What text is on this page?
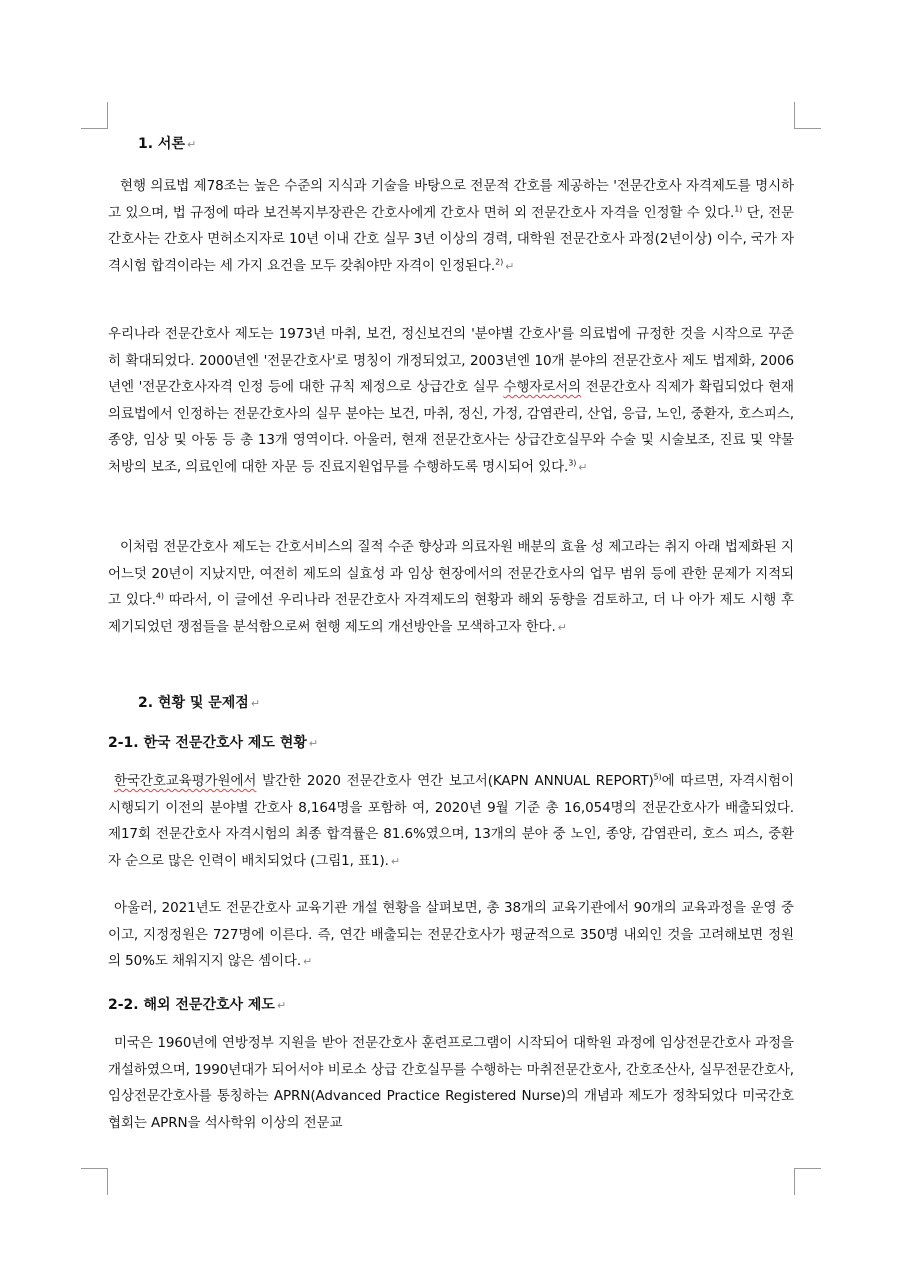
1. 서론 ↵

현행 의료법 제78조는 높은 수준의 지식과 기술을 바탕으로 전문적 간호를 제공하는 '전문간호사 자격제도를 명시하고 있으며, 법 규정에 따라 보건복지부장관은 간호사에게 간호사 면허 외 전문간호사 자격을 인정할 수 있다.$^{1)}$ 단, 전문간호사는 간호사 면허소지자로 10년 이내 간호 실무 3년 이상의 경력, 대학원 전문간호사 과정(2년이상) 이수, 국가 자격시험 합격이라는 세 가지 요건을 모두 갖춰야만 자격이 인정된다.$^{2)}$ ↵

우리나라 전문간호사 제도는 1973년 마취, 보건, 정신보건의 '분야별 간호사'를 의료법에 규정한 것을 시작으로 꾸준히 확대되었다. 2000년엔 '전문간호사'로 명칭이 개정되었고, 2003년엔 10개 분야의 전문간호사 제도 법제화, 2006년엔 '전문간호사자격 인정 등에 대한 규칙 제정으로 상급간호 실무 수행자로서의 전문간호사 직제가 확립되었다 현재 의료법에서 인정하는 전문간호사의 실무 분야는 보건, 마취, 정신, 가정, 감염관리, 산업, 응급, 노인, 중환자, 호스피스, 종양, 임상 및 아동 등 총 13개 영역이다. 아울러, 현재 전문간호사는 상급간호실무와 수술 및 시술보조, 진료 및 약물처방의 보조, 의료인에 대한 자문 등 진료지원업무를 수행하도록 명시되어 있다.$^{3)}$ ↵

이처럼 전문간호사 제도는 간호서비스의 질적 수준 향상과 의료자원 배분의 효율 성 제고라는 취지 아래 법제화된 지 어느덧 20년이 지났지만, 여전히 제도의 실효성 과 임상 현장에서의 전문간호사의 업무 범위 등에 관한 문제가 지적되고 있다.$^{4)}$ 따라서, 이 글에선 우리나라 전문간호사 자격제도의 현황과 해외 동향을 검토하고, 더 나 아가 제도 시행 후 제기되었던 쟁점들을 분석함으로써 현행 제도의 개선방안을 모색하고자 한다. ↵

2. 현황 및 문제점 ↵
2-1. 한국 전문간호사 제도 현황 ↵

한국간호교육평가원에서 발간한 2020 전문간호사 연간 보고서(KAPN ANNUAL REPORT)$^{5)}$에 따르면, 자격시험이 시행되기 이전의 분야별 간호사 8,164명을 포함하 여, 2020년 9월 기준 총 16,054명의 전문간호사가 배출되었다. 제17회 전문간호사 자격시험의 최종 합격률은 81.6%였으며, 13개의 분야 중 노인, 종양, 감염관리, 호스 피스, 중환자 순으로 많은 인력이 배치되었다 (그림1, 표1). ↵

아울러, 2021년도 전문간호사 교육기관 개설 현황을 살펴보면, 총 38개의 교육기관에서 90개의 교육과정을 운영 중이고, 지정정원은 727명에 이른다. 즉, 연간 배출되는 전문간호사가 평균적으로 350명 내외인 것을 고려해보면 정원의 50%도 채워지지 않은 셈이다. ↵

2-2. 해외 전문간호사 제도 ↵

미국은 1960년에 연방정부 지원을 받아 전문간호사 훈련프로그램이 시작되어 대학원 과정에 임상전문간호사 과정을 개설하였으며, 1990년대가 되어서야 비로소 상급 간호실무를 수행하는 마취전문간호사, 간호조산사, 실무전문간호사, 임상전문간호사를 통칭하는 APRN(Advanced Practice Registered Nurse)의 개념과 제도가 정착되었다 미국간호협회는 APRN을 석사학위 이상의 전문교
